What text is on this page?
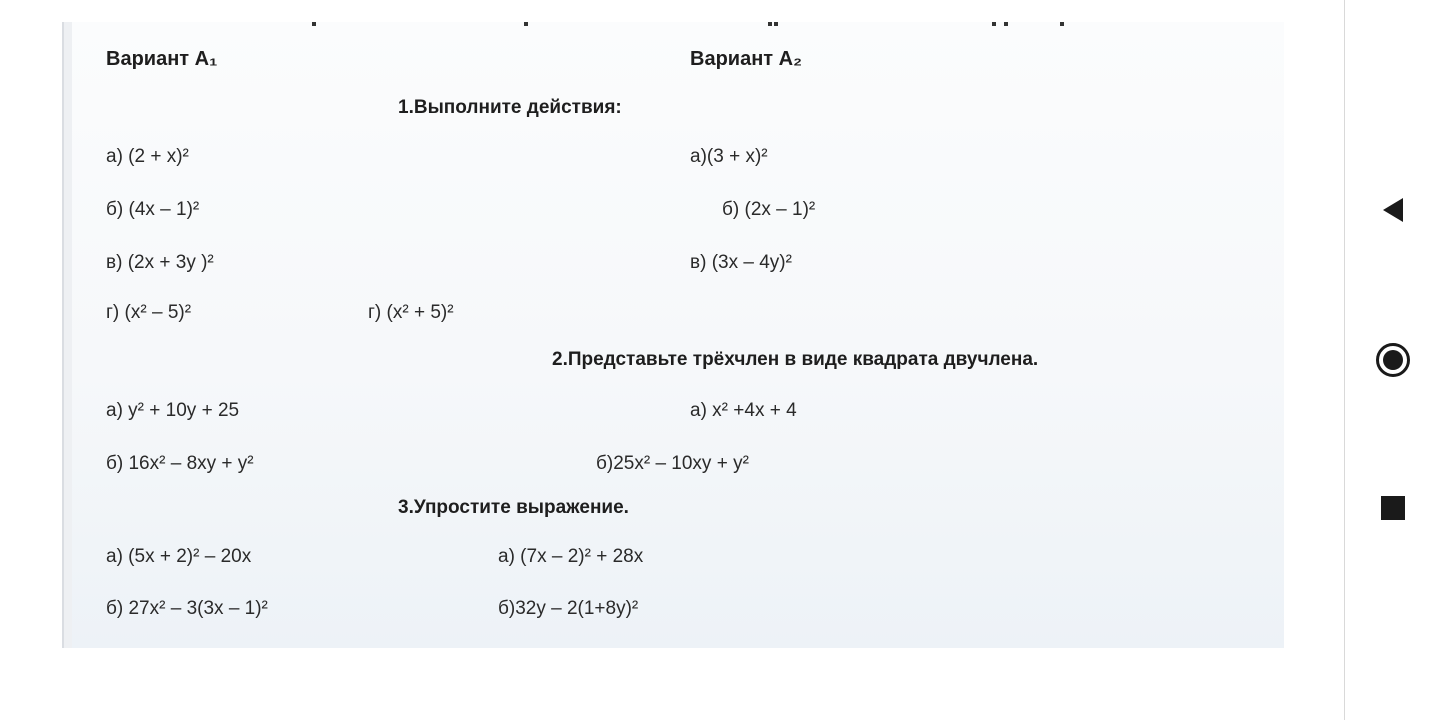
Вариант A₁	Вариант A₂
1.Выполните действия:
а) (2 + x)²	а)(3 + x)²
б) (4x – 1)²	б) (2x – 1)²
в) (2x + 3y )²	в) (3x – 4y)²
г) (x² – 5)²	г) (x² + 5)²
2.Представьте трёхчлен в виде квадрата двучлена.
а) y² + 10y + 25	а) x² +4x + 4
б) 16x² – 8xy + y²	б)25x² – 10xy + y²
3.Упростите выражение.
а) (5x + 2)² – 20x	а) (7x – 2)² + 28x
б) 27x² – 3(3x – 1)²	б)32y – 2(1+8y)²
